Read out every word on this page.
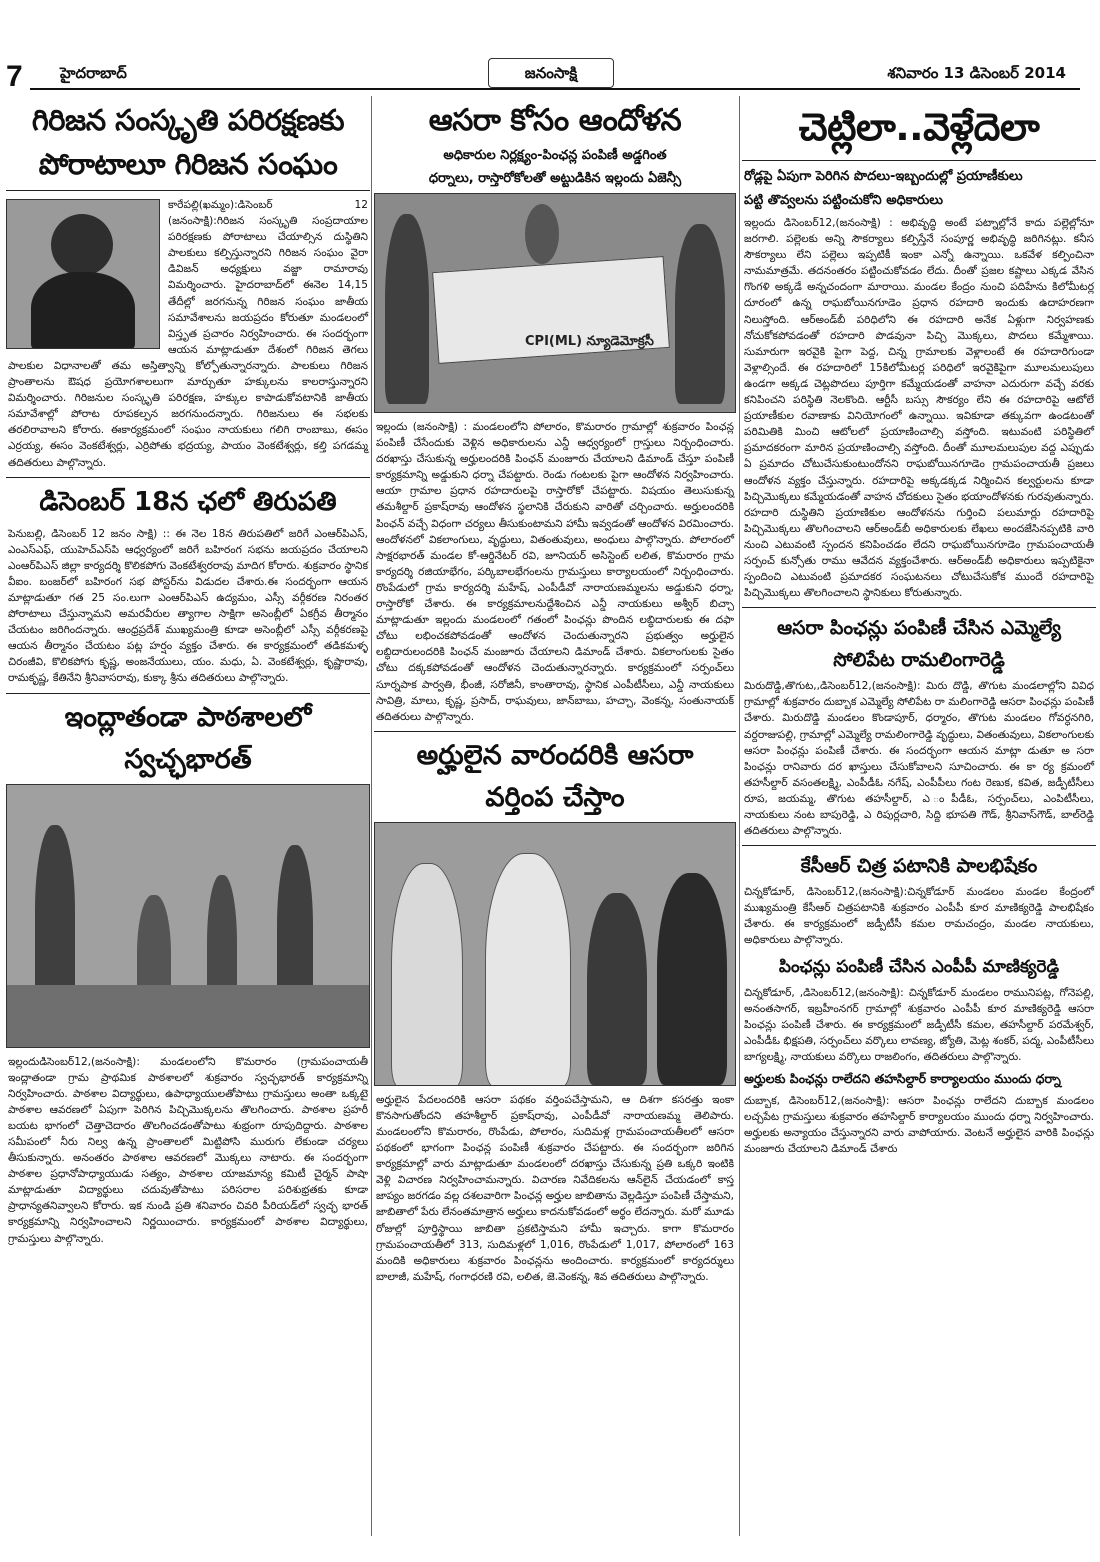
7 హైదరాబాద్	జనంసాక్షి	శనివారం 13 డిసెంబర్ 2014
గిరిజన సంస్కృతి పరిరక్షణకు
పోరాటాలూ గిరిజన సంఘం
కారేపల్లి(ఖమ్మం):డిసెంబర్ 12 (జనంసాక్షి):గిరిజన సంస్కృతి సంప్రదాయాల పరిరక్షణకు పోరాటాలు చేయాల్సిన దుస్థితిని పాలకులు కల్పిస్తున్నారని గిరిజన సంఘం వైరా డివిజన్ అధ్యక్షులు వజ్జా రామారావు విమర్శించారు. హైదరాబాద్‌లో ఈనెల 14,15 తేదీల్లో జరగనున్న గిరిజన సంఘం జాతీయ సమావేశాలను జయప్రదం కోరుతూ మండలంలో విస్తృత ప్రచారం నిర్వహించారు. ఈ సందర్భంగా ఆయన మాట్లాడుతూ దేశంలో గిరిజన తెగలు పాలకుల విధానాలతో తమ అస్తిత్వాన్ని కోల్పోతున్నారన్నారు. పాలకులు గిరిజన ప్రాంతాలను ఔషధ ప్రయోగశాలలుగా మార్చుతూ హక్కులను కాలరాస్తున్నారని విమర్శించారు. గిరిజనుల సంస్కృతి పరిరక్షణ, హక్కుల కాపాడుకోవటానికి జాతీయ సమావేశాల్లో పోరాట రూపకల్పన జరగనుందన్నారు. గిరిజనులు ఈ సభలకు తరలిరావాలని కోరారు. ఈకార్యక్రమంలో సంఘం నాయకులు గలిగి రాంబాబు, ఈసం ఎర్రయ్య, ఈసం వెంకటేశ్వర్లు, ఎర్రిపోతు భద్రయ్య, పాయం వెంకటేశ్వర్లు, కల్తి పగడమ్మ తదితరులు పాల్గొన్నారు.
డిసెంబర్ 18న ఛలో తిరుపతి
పెనుబల్లి, డిసెంబర్ 12 జనం సాక్షి) :: ఈ నెల 18న తిరుపతిలో జరిగే ఎంఆర్‌పిఎస్, ఎంఎస్‌ఎఫ్, యుహెచ్‌ఎస్‌పి ఆధ్వర్యంలో జరిగే బహిరంగ సభను జయప్రదం చేయాలని ఎంఆర్‌పిఎస్ జిల్లా కార్యదర్శి కొలికపోగు వెంకటేశ్వరరావు మాదిగ కోరారు. శుక్రవారం స్థానిక వీఐం. బంజర్‌లో బహిరంగ సభ పోస్టర్‌ను విడుదల చేశారు.ఈ సందర్భంగా ఆయన మాట్లాడుతూ గత 25 సం.లుగా ఎంఆర్‌పిఎస్ ఉద్యమం, ఎస్సీ వర్గీకరణ నిరంతర పోరాటాలు చేస్తున్నామని అమరవీరుల త్యాగాల సాక్షిగా అసెంబ్లీలో ఏకగ్రీవ తీర్మానం చేయటం జరిగిందన్నారు. ఆంధ్రప్రదేశ్ ముఖ్యమంత్రి కూడా అసెంబ్లీలో ఎస్సీ వర్గీకరణపై ఆయన తీర్మానం చేయటం పట్ల హర్షం వ్యక్తం చేశారు. ఈ కార్యక్రమంలో తడికమళ్ళ చిరంజీవి, కొలికపోగు కృష్ణ, అంజనేయులు, యం. మధు, ఏ. వెంకటేశ్వర్లు, కృష్ణారావు, రామకృష్ణ, కేతినేని శ్రీనివాసరావు, కుక్కా శ్రీను తదితరులు పాల్గొన్నారు.
ఇంద్లాతండా పాఠశాలలో
స్వచ్ఛభారత్
ఇల్లందుడిసెంబర్12,(జనంసాక్షి): మండలంలోని కొమరారం (గ్రామపంచాయతీ ఇంద్లాతండా గ్రామ ప్రాథమిక పాఠశాలలో శుక్రవారం స్వచ్ఛభారత్ కార్యక్రమాన్ని నిర్వహించారు. పాఠశాల విద్యార్థులు, ఉపాధ్యాయులతోపాటు గ్రామస్తులు అంతా ఒక్కటై పాఠశాల ఆవరణలో ఏపుగా పెరిగిన పిచ్చిమొక్కలను తొలగించారు. పాఠశాల ప్రహరీ బయట భాగంలో చెత్తాచెదారం తొలగించడంతోపాటు శుభ్రంగా రూపుదిద్దారు. పాఠశాల సమీపంలో నీరు నిల్వ ఉన్న ప్రాంతాలలో మిట్టిపోసి మురుగు లేకుండా చర్యలు తీసుకున్నారు. అనంతరం పాఠశాల ఆవరణలో మొక్కలు నాటారు. ఈ సందర్భంగా పాఠశాల ప్రధానోపాధ్యాయుడు సత్యం, పాఠశాల యాజమాన్య కమిటీ చైర్మన్ పాషా మాట్లాడుతూ విద్యార్థులు చదువుతోపాటు పరిసరాల పరిశుభ్రతకు కూడా ప్రాధాన్యతనివ్వాలని కోరారు. ఇక నుండి ప్రతి శనివారం చివరి పీరియడ్‌లో స్వచ్ఛ భారత్ కార్యక్రమాన్ని నిర్వహించాలని నిర్ణయించారు. కార్యక్రమంలో పాఠశాల విద్యార్థులు, గ్రామస్తులు పాల్గొన్నారు.
ఆసరా కోసం ఆందోళన
అధికారుల నిర్లక్ష్యం-పింఛన్ల పంపిణీ అడ్డగింత
ధర్నాలు, రాస్తారోకోలతో అట్టుడికిన ఇల్లందు ఏజెన్సీ
CPI(ML) న్యూడెమోక్రసీ
ఇల్లందు (జనంసాక్షి) : మండలంలోని పోలారం, కొమరారం గ్రామాల్లో శుక్రవారం పింఛన్ల పంపిణీ చేసేందుకు వెళ్లిన అధికారులను ఎన్డీ ఆధ్వర్యంలో గ్రాస్తులు నిర్బంధించారు. దరఖాస్తు చేసుకున్న అర్హులందరికి పింఛన్ మంజూరు చేయాలని డిమాండ్ చేస్తూ పంపిణీ కార్యక్రమాన్ని అడ్డుకుని ధర్నా చేపట్టారు. రెండు గంటలకు పైగా ఆందోళన నిర్వహించారు. ఆయా గ్రామాల ప్రధాన రహదారులపై రాస్తారోకో చేపట్టారు. విషయం తెలుసుకున్న తమశీల్దార్ ప్రకాష్‌రావు ఆందోళన స్థలానికి చేరుకుని వారితో చర్చించారు. అర్హులందరికి పింఛన్ వచ్చే విధంగా చర్యలు తీసుకుంటామని హామీ ఇవ్వడంతో ఆందోళన విరమించారు. ఆందోళనలో వికలాంగులు, వృద్ధులు, వితంతువులు, అంధులు పాల్గొన్నారు. పోలారంలో సాక్షరభారత్ మండల కో-ఆర్డినేటర్ రవి, జూనియర్ అసిస్టెంట్ లలిత, కొమరారం గ్రామ కార్యదర్శి రజియాభేగం, పర్కిబాలభేగంలను గ్రామస్తులు కార్యాలయంలో నిర్బంధించారు. రొంపేడులో గ్రామ కార్యదర్శి మహేష్, ఎంపీడీవో నారాయణమ్మలను అడ్డుకుని ధర్నా, రాస్తారోకో చేశారు. ఈ కార్యక్రమాలనుద్దేశించిన ఎన్డీ నాయకులు అశ్వీర్ బిచ్చా మాట్లాడుతూ ఇల్లందు మండలంలో గతంలో పింఛన్లు పొందిన లబ్ధిదారులకు ఈ దఫా చోటు లభించకపోవడంతో ఆందోళన చెందుతున్నారని ప్రభుత్వం అర్హులైన లబ్ధిదారులందరికి పింఛన్ మంజూరు చేయాలని డిమాండ్ చేశారు. వికలాంగులకు సైతం చోటు దక్కకపోవడంతో ఆందోళన చెందుతున్నారన్నారు. కార్యక్రమంలో సర్పంచ్‌లు సూర్నపాక పార్వతి, భీంజీ, సరోజినీ, కాంతారావు, స్థానిక ఎంపీటీసీలు, ఎన్డీ నాయకులు సావిత్రి, మాలు, కృష్ణ, ప్రసాద్, రాఘవులు, జాన్‌బాబు, హచ్చా, వెంకన్న, సంతునాయక్ తదితరులు పాల్గొన్నారు.
అర్హులైన వారందరికి ఆసరా
వర్తింప చేస్తాం
అర్హులైన పేదలందరికి ఆసరా పథకం వర్తింపచేస్తామని, ఆ దిశగా కసరత్తు ఇంకా కొనసాగుతోందని తహశీల్దార్ ప్రకాష్‌రావు, ఎంపీడీవో నారాయణమ్మ తెలిపారు. మండలంలోని కొమరారం, రొంపేడు, పోలారం, సుదిమళ్ల గ్రామపంచాయతీలలో ఆసరా పథకంలో భాగంగా పింఛన్ల పంపిణీ శుక్రవారం చేపట్టారు. ఈ సందర్భంగా జరిగిన కార్యక్రమాల్లో వారు మాట్లాడుతూ మండలంలో దరఖాస్తు చేసుకున్న ప్రతి ఒక్కరి ఇంటికి వెళ్లి విచారణ నిర్వహించామన్నారు. విచారణ నివేదికలను ఆన్‌లైన్ చేయడంలో కాస్త జాప్యం జరగడం వల్ల దశలవారిగా పింఛన్ల అర్హుల జాబితాను వెల్లడిస్తూ పంపిణీ చేస్తామని, జాబితాలో పేరు లేనంతమాత్రాన అర్హులు కాదనుకోవడంలో అర్థం లేదన్నారు. మరో మూడు రోజుల్లో పూర్తిస్థాయి జాబితా ప్రకటిస్తామని హామీ ఇచ్చారు. కాగా కొమరారం గ్రామపంచాయతీలో 313, సుదిమళ్లలో 1,016, రొంపేడులో 1,017, పోలారంలో 163 మందికి అధికారులు శుక్రవారం పింఛన్లను అందించారు. కార్యక్రమంలో కార్యదర్శులు బాలాజీ, మహేష్, గంగాధరణి రవి, లలిత, జె.వెంకన్న, శివ తదితరులు పాల్గొన్నారు.
చెట్లిలా..వెళ్లేదెలా
రోడ్లపై ఏపుగా పెరిగిన పొదలు-ఇబ్బందుల్లో ప్రయాణీకులు
పట్టి తొవ్వలను పట్టించుకోని అధికారులు
ఇల్లందు డిసెంబర్12,(జనంసాక్షి) : అభివృద్ధి అంటే పట్నాల్లోనే కాదు పల్లెల్లోనూ జరగాలి. పల్లెలకు అన్ని సౌకర్యాలు కల్పిస్తేనే సంపూర్ణ అభివృద్ధి జరిగినట్లు. కనీస సౌకర్యాలు లేని పల్లెలు ఇప్పటికీ ఇంకా ఎన్నో ఉన్నాయి. ఒకవేళ కల్పించినా నామమాత్రమే. తదనంతరం పట్టించుకోవడం లేదు. దీంతో ప్రజల కష్టాలు ఎక్కడ వేసిన గొంగళి అక్కడే అన్నచందంగా మారాయి. మండల కేంద్రం నుంచి పదిహేను కిలోమీటర్ల దూరంలో ఉన్న రాఘబోయినగూడెం ప్రధాన రహదారి ఇందుకు ఉదాహరణగా నిలుస్తోంది. ఆర్‌అండ్‌బీ పరిధిలోని ఈ రహదారి అనేక ఏళ్లుగా నిర్వహణకు నోచుకోకపోవడంతో రహదారి పొడవునా పిచ్చి మొక్కలు, పొదలు కమ్మేశాయి. సుమారుగా ఇరవైకి పైగా పెద్ద, చిన్న గ్రామాలకు వెళ్లాలంటే ఈ రహదారిగుండా వెళ్లాల్సిందే. ఈ రహదారిలో 15కిలోమీటర్ల పరిధిలో ఇరవైకిపైగా మూలమలుపులు ఉండగా అక్కడ చెట్లపొదలు పూర్తిగా కమ్మేయడంతో వాహనా ఎదురుగా వచ్చే వరకు కనిపించని పరిస్థితి నెలకొంది. ఆర్టీసీ బస్సు సౌకర్యం లేని ఈ రహదారిపై ఆటోలే ప్రయాణీకుల రవాణాకు వినియోగంలో ఉన్నాయి. ఇవికూడా తక్కువగా ఉండటంతో పరిమితికి మించి ఆటోలలో ప్రయాణించాల్సి వస్తోంది. ఇటువంటి పరిస్థితిలో ప్రమాదకరంగా మారిన ప్రయాణించాల్సి వస్తోంది. దీంతో మూలమలుపుల వద్ద ఎప్పుడు ఏ ప్రమాదం చోటుచేసుకుంటుందోనని రాఘబోయినగూడెం గ్రామపంచాయతీ ప్రజలు ఆందోళన వ్యక్తం చేస్తున్నారు. రహదారిపై అక్కడక్కడ నిర్మించిన కల్వర్టులను కూడా పిచ్చిమొక్కలు కమ్మేయడంతో వాహన చోదకులు సైతం భయాందోళనకు గురవుతున్నారు. రహదారి దుస్థితిని ప్రయాణికుల ఆందోళనను గుర్తించి పలుమార్లు రహదారిపై పిచ్చిమొక్కలు తొలగించాలని ఆర్‌అండ్‌బీ అధికారులకు లేఖలు అందజేసినప్పటికి వారి నుంచి ఎటువంటి స్పందన కనిపించడం లేదని రాఘబోయినగూడెం గ్రామపంచాయతీ సర్పంచ్ కున్సోతు రాము ఆవేదన వ్యక్తంచేశారు. ఆర్‌అండ్‌బీ అధికారులు ఇప్పటికైనా స్పందించి ఎటువంటి ప్రమాదకర సంఘటనలు చోటుచేసుకోక ముందే రహదారిపై పిచ్చిమొక్కలు తొలగించాలని స్థానికులు కోరుతున్నారు.
ఆసరా పింఛన్లు పంపిణీ చేసిన ఎమ్మెల్యే
సోలిపేట రామలింగారెడ్డి
మిరుదొడ్డి,తొగుట,,డిసెంబర్12,(జనంసాక్షి): మిరు దొడ్డి, తొగుట మండలాల్లోని వివిధ గ్రామాల్లో శుక్రవారం దుబ్బాక ఎమ్మెల్యే సోలిపేట రా మలింగారెడ్డి ఆసరా పింఛన్లు పంపిణీ చేశారు. మిరుదొడ్డి మండలం కొండాపూర్, ధర్మారం, తొగుట మండలం గోవర్ధనగిరి, వర్దరాజుపల్లి, గ్రామాల్లో ఎమ్మెల్యే రామలింగారెడ్డి వృద్ధులు, వితంతువులు, వికలాంగులకు ఆసరా పింఛన్లు పంపిణీ చేశారు. ఈ సందర్భంగా ఆయన మాట్లా డుతూ అ సరా పింఛన్లు రానివారు దర ఖాస్తులు చేసుకోవాలని సూచించారు. ఈ కా ర్య క్రమంలో తహసీల్దార్ వసంతలక్ష్మి, ఎంపీడీఓ నగేష్, ఎంపీపీలు గంట రెణుక, కవిత, జడ్పీటీసీలు రూప, జయమ్మ, తొగుట తహసీల్దార్, ఎ ంపీడీఓ, సర్పంచ్‌లు, ఎంపిటీసీలు, నాయకులు నంట బాపురెడ్డి, ఎ రిపుర్లచారి, సిద్ది భూపతి గౌడ్, శ్రీనివాస్‌గౌడ్, బాల్‌రెడ్డి తదితరులు పాల్గొన్నారు.
కేసీఆర్ చిత్ర పటానికి పాలభిషేకం
చిన్నకోడూర్, డిసెంబర్12,(జనంసాక్షి):చిన్నకోడూర్ మండలం మండల కేంద్రంలో ముఖ్యమంత్రి కేసీఆర్ చిత్రపటానికి శుక్రవారం ఎంపీపీ కూర మాణిక్యరెడ్డి పాలభిషేకం చేశారు. ఈ కార్యక్రమంలో జడ్పీటీసీ కమల రామచంద్రం, మండల నాయకులు, అధికారులు పాల్గొన్నారు.
పింఛన్లు పంపిణీ చేసిన ఎంపీపీ మాణిక్యరెడ్డి
చిన్నకోడూర్, ,డిసెంబర్12,(జనంసాక్షి): చిన్నకోడూర్ మండలం రామునిపట్ల, గోనెపల్లి, అనంతసాగర్, ఇబ్రహీంనగర్ గ్రామాల్లో శుక్రవారం ఎంపీపీ కూర మాణిక్యరెడ్డి ఆసరా పింఛన్లు పంపిణీ చేశారు. ఈ కార్యక్రమంలో జడ్పీటీసీ కమల, తహసీల్దార్ పరమేశ్వర్, ఎంపీడీఓ భిక్షపతి, సర్పంచ్‌లు వర్కొలు లావణ్య, జ్యోతి, మెట్ల శంకర్, పద్మ, ఎంపీటీసీలు బాగ్యలక్ష్మి, నాయకులు వర్కొలు రాజలింగం, తదితరులు పాల్గొన్నారు.
అర్హులకు పింఛన్లు రాలేదని తహసిల్దార్ కార్యాలయం ముందు ధర్నా
దుబ్బాక, డిసెంబర్12,(జనంసాక్షి): ఆసరా పింఛన్లు రాలేదని దుబ్బాక మండలం లచ్చపేట గ్రామస్తులు శుక్రవారం తహసిల్దార్ కార్యాలయం ముందు ధర్నా నిర్వహించారు. అర్హులకు అన్యాయం చేస్తున్నారని వారు వాపోయారు. వెంటనే అర్హులైన వారికి పింఛన్లు మంజూరు చేయాలని డిమాండ్ చేశారు
